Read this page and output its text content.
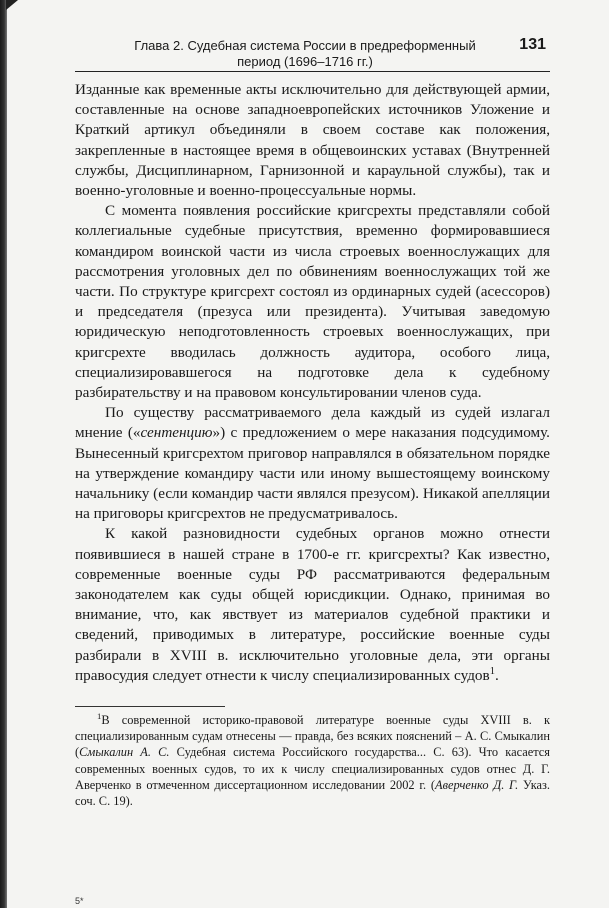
Глава 2. Судебная система России в предреформенный
период (1696–1716 гг.)
131

Изданные как временные акты исключительно для действующей армии, составленные на основе западноевропейских источников Уложение и Краткий артикул объединяли в своем составе как положения, закрепленные в настоящее время в общевоинских уставах (Внутренней службы, Дисциплинарном, Гарнизонной и караульной службы), так и военно-уголовные и военно-процессуальные нормы.

С момента появления российские кригсрехты представляли собой коллегиальные судебные присутствия, временно формировавшиеся командиром воинской части из числа строевых военнослужащих для рассмотрения уголовных дел по обвинениям военнослужащих той же части. По структуре кригсрехт состоял из ординарных судей (асессоров) и председателя (презуса или президента). Учитывая заведомую юридическую неподготовленность строевых военнослужащих, при кригсрехте вводилась должность аудитора, особого лица, специализировавшегося на подготовке дела к судебному разбирательству и на правовом консультировании членов суда.

По существу рассматриваемого дела каждый из судей излагал мнение («сентенцию») с предложением о мере наказания подсудимому. Вынесенный кригсрехтом приговор направлялся в обязательном порядке на утверждение командиру части или иному вышестоящему воинскому начальнику (если командир части являлся презусом). Никакой апелляции на приговоры кригсрехтов не предусматривалось.

К какой разновидности судебных органов можно отнести появившиеся в нашей стране в 1700-е гг. кригсрехты? Как известно, современные военные суды РФ рассматриваются федеральным законодателем как суды общей юрисдикции. Однако, принимая во внимание, что, как явствует из материалов судебной практики и сведений, приводимых в литературе, российские военные суды разбирали в XVIII в. исключительно уголовные дела, эти органы правосудия следует отнести к числу специализированных судов$^1$.

$^1$В современной историко-правовой литературе военные суды XVIII в. к специализированным судам отнесены — правда, без всяких пояснений – А. С. Смыкалин (Смыкалин А. С. Судебная система Российского государства... С. 63). Что касается современных военных судов, то их к числу специализированных судов отнес Д. Г. Аверченко в отмеченном диссертационном исследовании 2002 г. (Аверченко Д. Г. Указ. соч. С. 19).

5*
